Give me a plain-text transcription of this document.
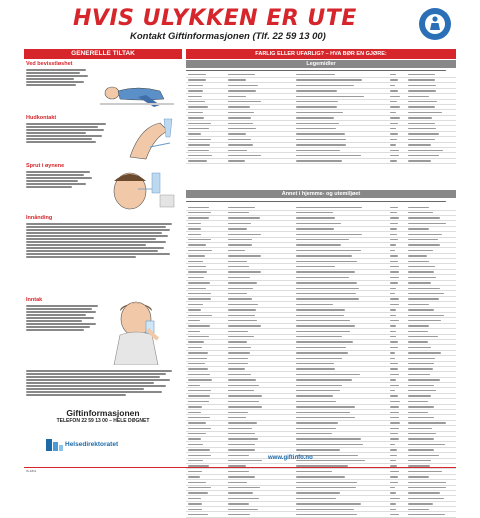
HVIS ULYKKEN ER UTE
Kontakt Giftinformasjonen (Tlf. 22 59 13 00)
GENERELLE TILTAK
Ved bevisstløshet
Hudkontakt
Sprut i øynene
Innånding
Inntak
Giftinformasjonen
TELEFON 22 59 13 00 – HELE DØGNET
Helsedirektoratet
FARLIG ELLER UFARLIG? – HVA BØR EN GJØRE:
Legemidler
Annet i hjemme- og utemiljøet
www.giftinfo.no
IS-1811
